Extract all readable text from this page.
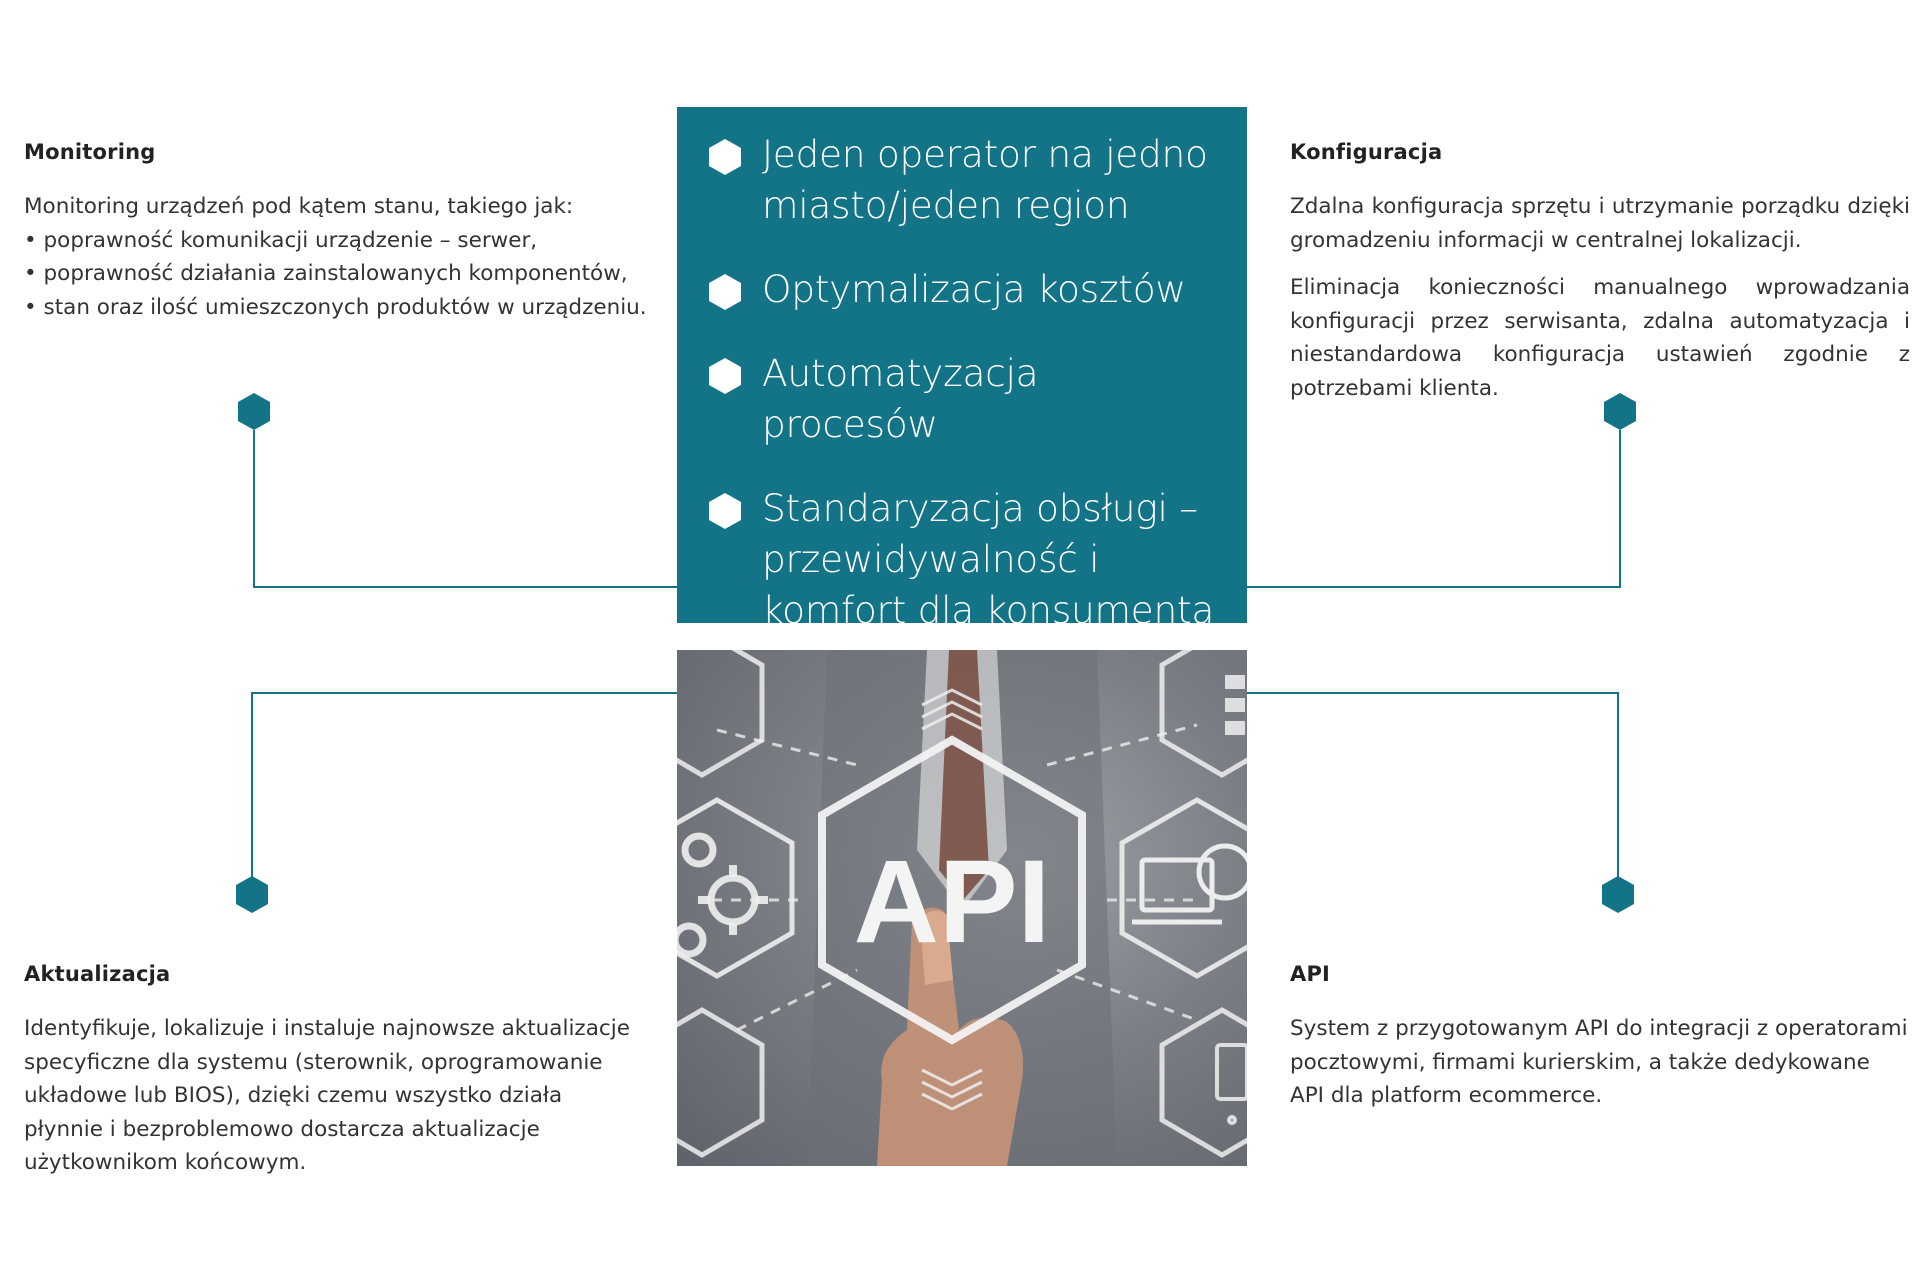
Monitoring
Monitoring urządzeń pod kątem stanu, takiego jak:
• poprawność komunikacji urządzenie – serwer,
• poprawność działania zainstalowanych komponentów,
• stan oraz ilość umieszczonych produktów w urządzeniu.
Konfiguracja

Zdalna konfiguracja sprzętu i utrzymanie porządku dzięki gromadzeniu informacji w centralnej lokalizacji.

Eliminacja konieczności manualnego wprowadzania konfiguracji przez serwisanta, zdalna automatyzacja i niestandardowa konfiguracja ustawień zgodnie z potrzebami klienta.

Aktualizacja

Identyfikuje, lokalizuje i instaluje najnowsze aktualizacje specyficzne dla systemu (sterownik, oprogramowanie układowe lub BIOS), dzięki czemu wszystko działa płynnie i bezproblemowo dostarcza aktualizacje użytkownikom końcowym.

API

System z przygotowanym API do integracji z operatorami pocztowymi, firmami kurierskim, a także dedykowane API dla platform ecommerce.

Jeden operator na jedno miasto/jeden region
Optymalizacja kosztów
Automatyzacja procesów
Standaryzacja obsługi – przewidywalność i komfort dla konsumenta
API
